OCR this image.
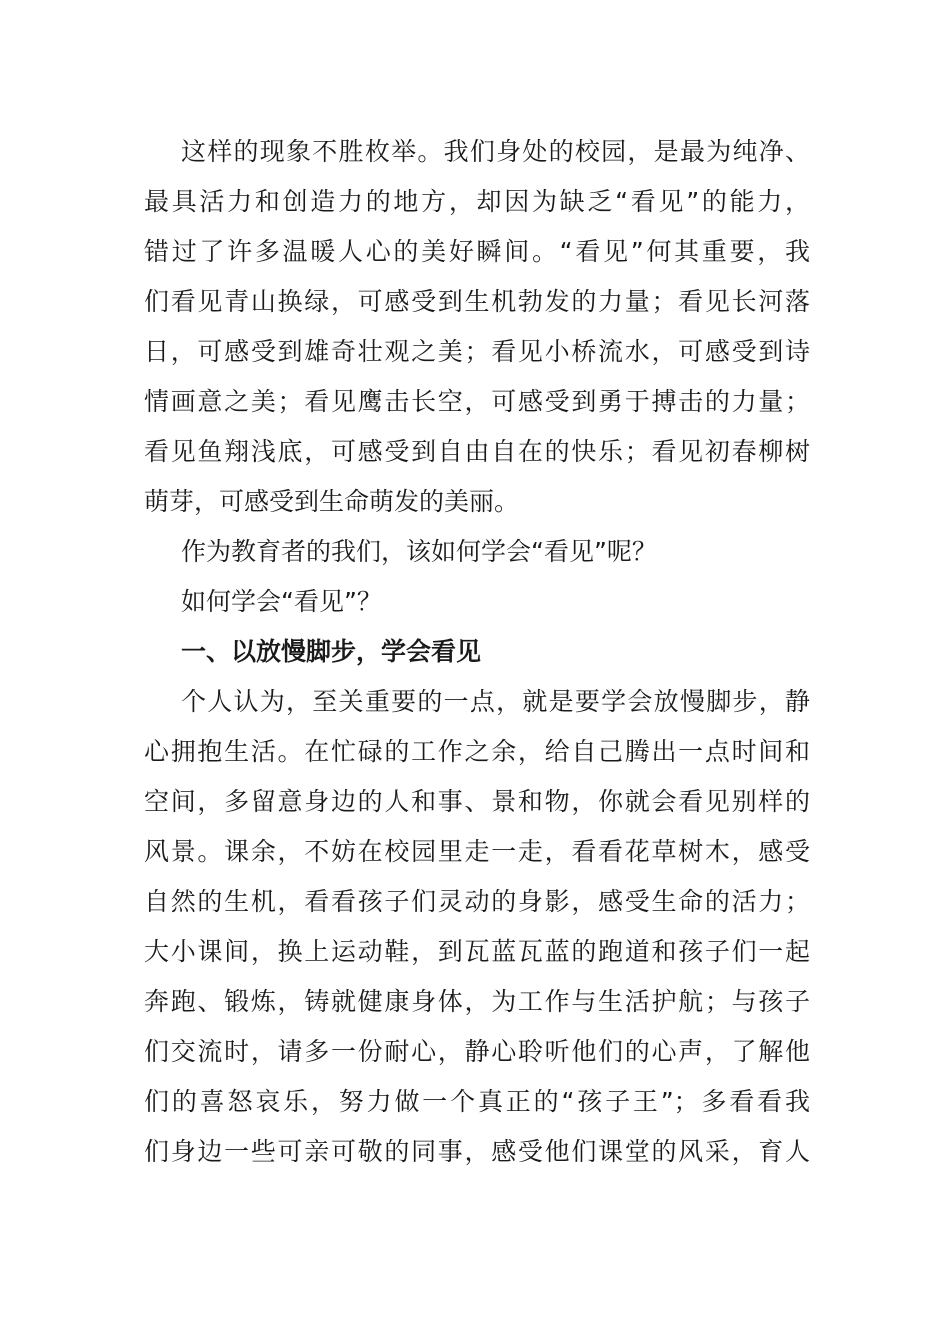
这样的现象不胜枚举。我们身处的校园，是最为纯净、
最具活力和创造力的地方，却因为缺乏“看见”的能力，
错过了许多温暖人心的美好瞬间。“看见”何其重要，我
们看见青山换绿，可感受到生机勃发的力量；看见长河落
日，可感受到雄奇壮观之美；看见小桥流水，可感受到诗
情画意之美；看见鹰击长空，可感受到勇于搏击的力量；
看见鱼翔浅底，可感受到自由自在的快乐；看见初春柳树
萌芽，可感受到生命萌发的美丽。

作为教育者的我们，该如何学会“看见”呢？

如何学会“看见”？

一、以放慢脚步，学会看见

个人认为，至关重要的一点，就是要学会放慢脚步，静
心拥抱生活。在忙碌的工作之余，给自己腾出一点时间和
空间，多留意身边的人和事、景和物，你就会看见别样的
风景。课余，不妨在校园里走一走，看看花草树木，感受
自然的生机，看看孩子们灵动的身影，感受生命的活力；
大小课间，换上运动鞋，到瓦蓝瓦蓝的跑道和孩子们一起
奔跑、锻炼，铸就健康身体，为工作与生活护航；与孩子
们交流时，请多一份耐心，静心聆听他们的心声，了解他
们的喜怒哀乐，努力做一个真正的“孩子王”；多看看我
们身边一些可亲可敬的同事，感受他们课堂的风采，育人
